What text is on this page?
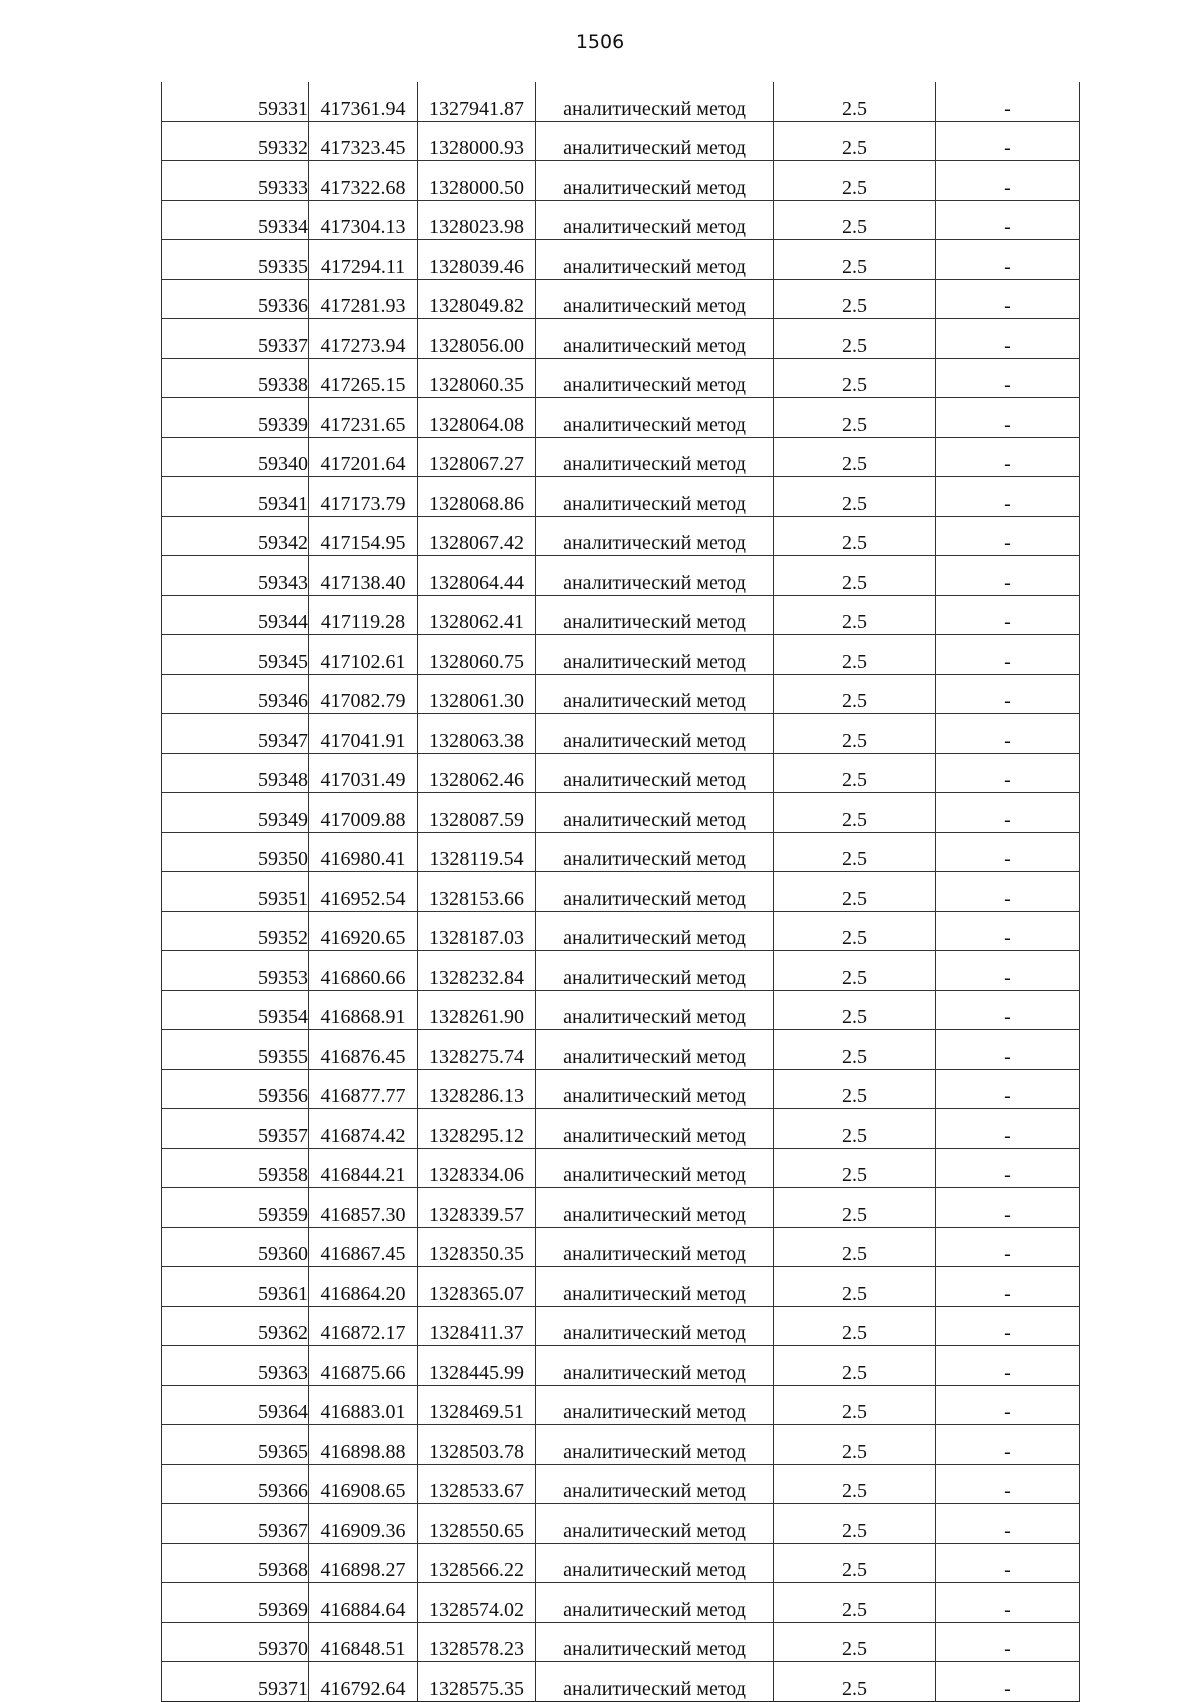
1506
59331	417361.94	1327941.87	аналитический метод	2.5	-
59332	417323.45	1328000.93	аналитический метод	2.5	-
59333	417322.68	1328000.50	аналитический метод	2.5	-
59334	417304.13	1328023.98	аналитический метод	2.5	-
59335	417294.11	1328039.46	аналитический метод	2.5	-
59336	417281.93	1328049.82	аналитический метод	2.5	-
59337	417273.94	1328056.00	аналитический метод	2.5	-
59338	417265.15	1328060.35	аналитический метод	2.5	-
59339	417231.65	1328064.08	аналитический метод	2.5	-
59340	417201.64	1328067.27	аналитический метод	2.5	-
59341	417173.79	1328068.86	аналитический метод	2.5	-
59342	417154.95	1328067.42	аналитический метод	2.5	-
59343	417138.40	1328064.44	аналитический метод	2.5	-
59344	417119.28	1328062.41	аналитический метод	2.5	-
59345	417102.61	1328060.75	аналитический метод	2.5	-
59346	417082.79	1328061.30	аналитический метод	2.5	-
59347	417041.91	1328063.38	аналитический метод	2.5	-
59348	417031.49	1328062.46	аналитический метод	2.5	-
59349	417009.88	1328087.59	аналитический метод	2.5	-
59350	416980.41	1328119.54	аналитический метод	2.5	-
59351	416952.54	1328153.66	аналитический метод	2.5	-
59352	416920.65	1328187.03	аналитический метод	2.5	-
59353	416860.66	1328232.84	аналитический метод	2.5	-
59354	416868.91	1328261.90	аналитический метод	2.5	-
59355	416876.45	1328275.74	аналитический метод	2.5	-
59356	416877.77	1328286.13	аналитический метод	2.5	-
59357	416874.42	1328295.12	аналитический метод	2.5	-
59358	416844.21	1328334.06	аналитический метод	2.5	-
59359	416857.30	1328339.57	аналитический метод	2.5	-
59360	416867.45	1328350.35	аналитический метод	2.5	-
59361	416864.20	1328365.07	аналитический метод	2.5	-
59362	416872.17	1328411.37	аналитический метод	2.5	-
59363	416875.66	1328445.99	аналитический метод	2.5	-
59364	416883.01	1328469.51	аналитический метод	2.5	-
59365	416898.88	1328503.78	аналитический метод	2.5	-
59366	416908.65	1328533.67	аналитический метод	2.5	-
59367	416909.36	1328550.65	аналитический метод	2.5	-
59368	416898.27	1328566.22	аналитический метод	2.5	-
59369	416884.64	1328574.02	аналитический метод	2.5	-
59370	416848.51	1328578.23	аналитический метод	2.5	-
59371	416792.64	1328575.35	аналитический метод	2.5	-
